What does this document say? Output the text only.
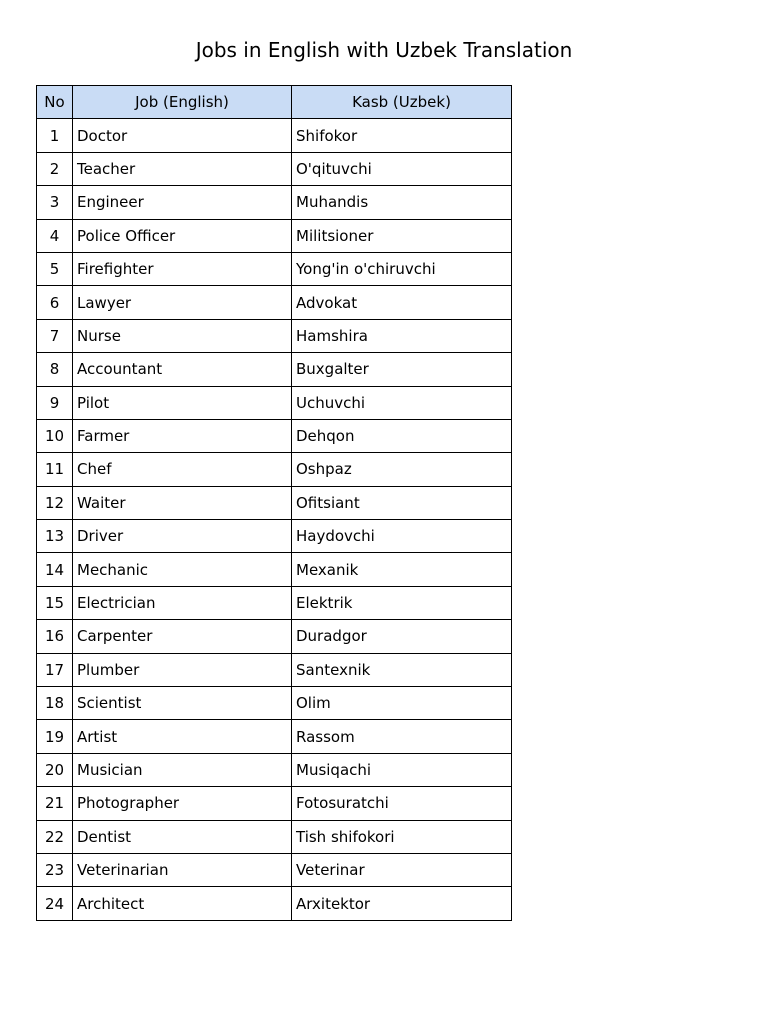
Jobs in English with Uzbek Translation
No	Job (English)	Kasb (Uzbek)
1	Doctor	Shifokor
2	Teacher	O'qituvchi
3	Engineer	Muhandis
4	Police Officer	Militsioner
5	Firefighter	Yong'in o'chiruvchi
6	Lawyer	Advokat
7	Nurse	Hamshira
8	Accountant	Buxgalter
9	Pilot	Uchuvchi
10	Farmer	Dehqon
11	Chef	Oshpaz
12	Waiter	Ofitsiant
13	Driver	Haydovchi
14	Mechanic	Mexanik
15	Electrician	Elektrik
16	Carpenter	Duradgor
17	Plumber	Santexnik
18	Scientist	Olim
19	Artist	Rassom
20	Musician	Musiqachi
21	Photographer	Fotosuratchi
22	Dentist	Tish shifokori
23	Veterinarian	Veterinar
24	Architect	Arxitektor
